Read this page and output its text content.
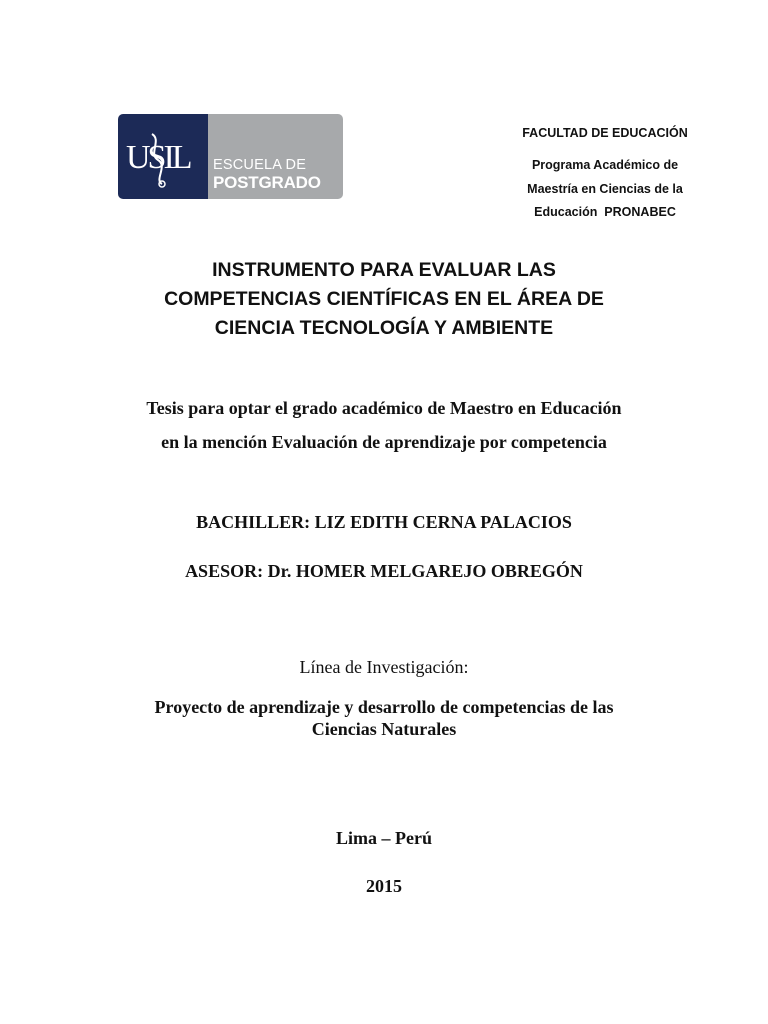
USIL ESCUELA DE
POSTGRADO
FACULTAD DE EDUCACIÓN
Programa Académico de
Maestría en Ciencias de la
Educación  PRONABEC
INSTRUMENTO PARA EVALUAR LAS
COMPETENCIAS CIENTÍFICAS EN EL ÁREA DE
CIENCIA TECNOLOGÍA Y AMBIENTE
Tesis para optar el grado académico de Maestro en Educación
en la mención Evaluación de aprendizaje por competencia
BACHILLER: LIZ EDITH CERNA PALACIOS
ASESOR: Dr. HOMER MELGAREJO OBREGÓN
Línea de Investigación:
Proyecto de aprendizaje y desarrollo de competencias de las
Ciencias Naturales
Lima – Perú
2015
